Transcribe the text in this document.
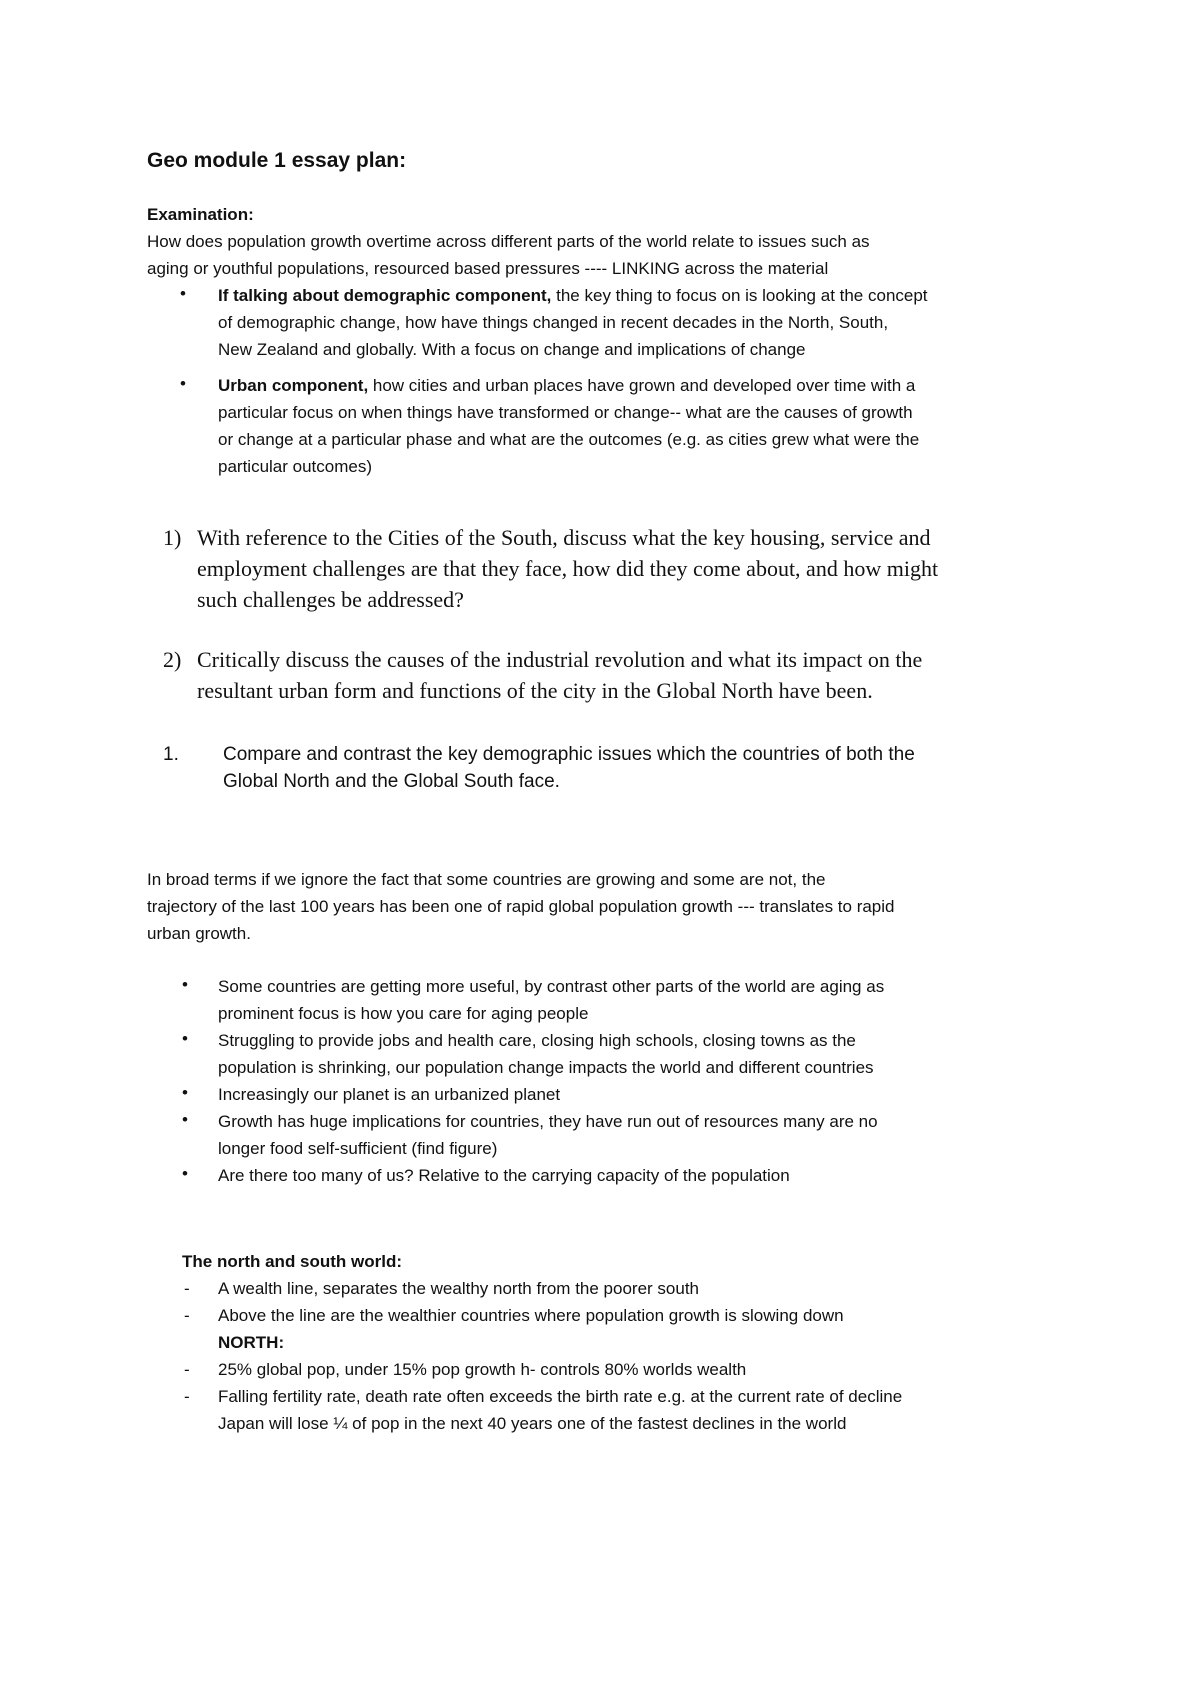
Geo module 1 essay plan:
Examination:
How does population growth overtime across different parts of the world relate to issues such as
aging or youthful populations, resourced based pressures ---- LINKING across the material
• If talking about demographic component, the key thing to focus on is looking at the concept
of demographic change, how have things changed in recent decades in the North, South,
New Zealand and globally. With a focus on change and implications of change
• Urban component, how cities and urban places have grown and developed over time with a
particular focus on when things have transformed or change-- what are the causes of growth
or change at a particular phase and what are the outcomes (e.g. as cities grew what were the
particular outcomes)
1) With reference to the Cities of the South, discuss what the key housing, service and
employment challenges are that they face, how did they come about, and how might
such challenges be addressed?
2) Critically discuss the causes of the industrial revolution and what its impact on the
resultant urban form and functions of the city in the Global North have been.
1. Compare and contrast the key demographic issues which the countries of both the
Global North and the Global South face.
In broad terms if we ignore the fact that some countries are growing and some are not, the
trajectory of the last 100 years has been one of rapid global population growth --- translates to rapid
urban growth.
• Some countries are getting more useful, by contrast other parts of the world are aging as
prominent focus is how you care for aging people
• Struggling to provide jobs and health care, closing high schools, closing towns as the
population is shrinking, our population change impacts the world and different countries
• Increasingly our planet is an urbanized planet
• Growth has huge implications for countries, they have run out of resources many are no
longer food self-sufficient (find figure)
• Are there too many of us? Relative to the carrying capacity of the population
The north and south world:
- A wealth line, separates the wealthy north from the poorer south
- Above the line are the wealthier countries where population growth is slowing down
NORTH:
- 25% global pop, under 15% pop growth h- controls 80% worlds wealth
- Falling fertility rate, death rate often exceeds the birth rate e.g. at the current rate of decline
Japan will lose ¼ of pop in the next 40 years one of the fastest declines in the world
